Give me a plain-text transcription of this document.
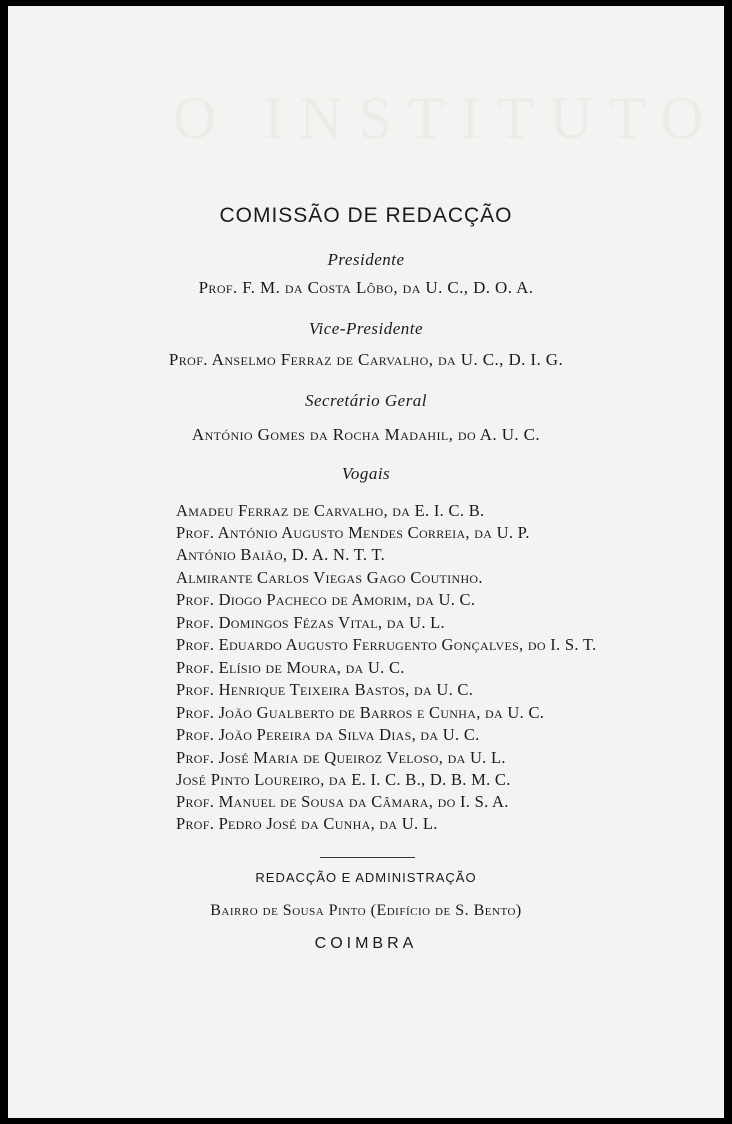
O INSTITUTO
COMISSÃO DE REDACÇÃO
Presidente
Prof. F. M. da Costa Lôbo, da U. C., D. O. A.
Vice-Presidente
Prof. Anselmo Ferraz de Carvalho, da U. C., D. I. G.
Secretário Geral
António Gomes da Rocha Madahil, do A. U. C.
Vogais
Amadeu Ferraz de Carvalho, da E. I. C. B.
Prof. António Augusto Mendes Correia, da U. P.
António Baião, D. A. N. T. T.
Almirante Carlos Viegas Gago Coutinho.
Prof. Diogo Pacheco de Amorim, da U. C.
Prof. Domingos Fézas Vital, da U. L.
Prof. Eduardo Augusto Ferrugento Gonçalves, do I. S. T.
Prof. Elísio de Moura, da U. C.
Prof. Henrique Teixeira Bastos, da U. C.
Prof. João Gualberto de Barros e Cunha, da U. C.
Prof. João Pereira da Silva Dias, da U. C.
Prof. José Maria de Queiroz Veloso, da U. L.
José Pinto Loureiro, da E. I. C. B., D. B. M. C.
Prof. Manuel de Sousa da Câmara, do I. S. A.
Prof. Pedro José da Cunha, da U. L.
REDACÇÃO E ADMINISTRAÇÃO
Bairro de Sousa Pinto (Edifício de S. Bento)
COIMBRA
